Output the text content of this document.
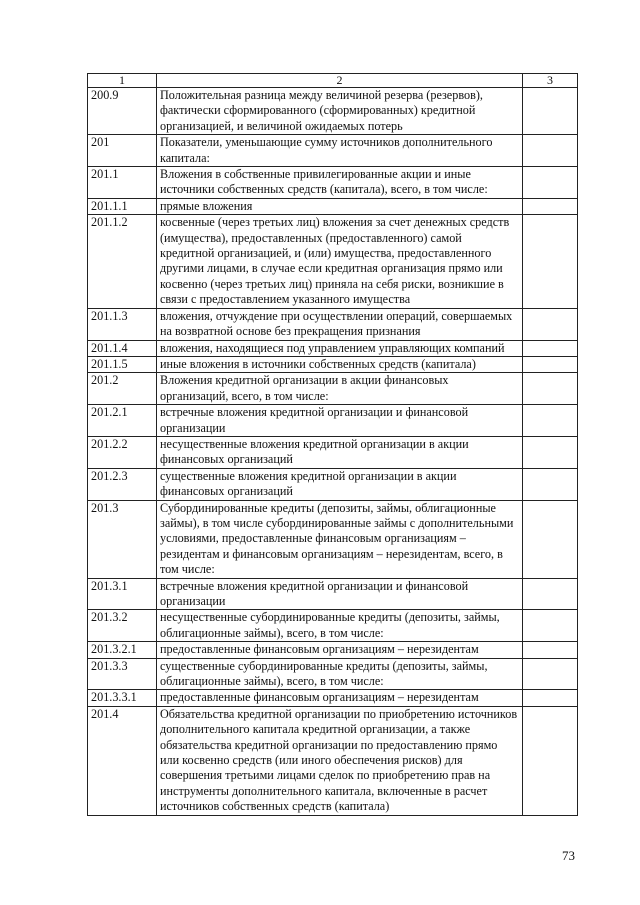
1	2	3
200.9	Положительная разница между величиной резерва (резервов), фактически сформированного (сформированных) кредитной организацией, и величиной ожидаемых потерь	
201	Показатели, уменьшающие сумму источников дополнительного капитала:	
201.1	Вложения в собственные привилегированные акции и иные источники собственных средств (капитала), всего, в том числе:	
201.1.1	прямые вложения	
201.1.2	косвенные (через третьих лиц) вложения за счет денежных средств (имущества), предоставленных (предоставленного) самой кредитной организацией, и (или) имущества, предоставленного другими лицами, в случае если кредитная организация прямо или косвенно (через третьих лиц) приняла на себя риски, возникшие в связи с предоставлением указанного имущества	
201.1.3	вложения, отчуждение при осуществлении операций, совершаемых на возвратной основе без прекращения признания	
201.1.4	вложения, находящиеся под управлением управляющих компаний	
201.1.5	иные вложения в источники собственных средств (капитала)	
201.2	Вложения кредитной организации в акции финансовых организаций, всего, в том числе:	
201.2.1	встречные вложения кредитной организации и финансовой организации	
201.2.2	несущественные вложения кредитной организации в акции финансовых организаций	
201.2.3	существенные вложения кредитной организации в акции финансовых организаций	
201.3	Субординированные кредиты (депозиты, займы, облигационные займы), в том числе субординированные займы с дополнительными условиями, предоставленные финансовым организациям – резидентам и финансовым организациям – нерезидентам, всего, в том числе:	
201.3.1	встречные вложения кредитной организации и финансовой организации	
201.3.2	несущественные субординированные кредиты (депозиты, займы, облигационные займы), всего, в том числе:	
201.3.2.1	предоставленные финансовым организациям – нерезидентам	
201.3.3	существенные субординированные кредиты (депозиты, займы, облигационные займы), всего, в том числе:	
201.3.3.1	предоставленные финансовым организациям – нерезидентам	
201.4	Обязательства кредитной организации по приобретению источников дополнительного капитала кредитной организации, а также обязательства кредитной организации по предоставлению прямо или косвенно средств (или иного обеспечения рисков) для совершения третьими лицами сделок по приобретению прав на инструменты дополнительного капитала, включенные в расчет источников собственных средств (капитала)	
73
